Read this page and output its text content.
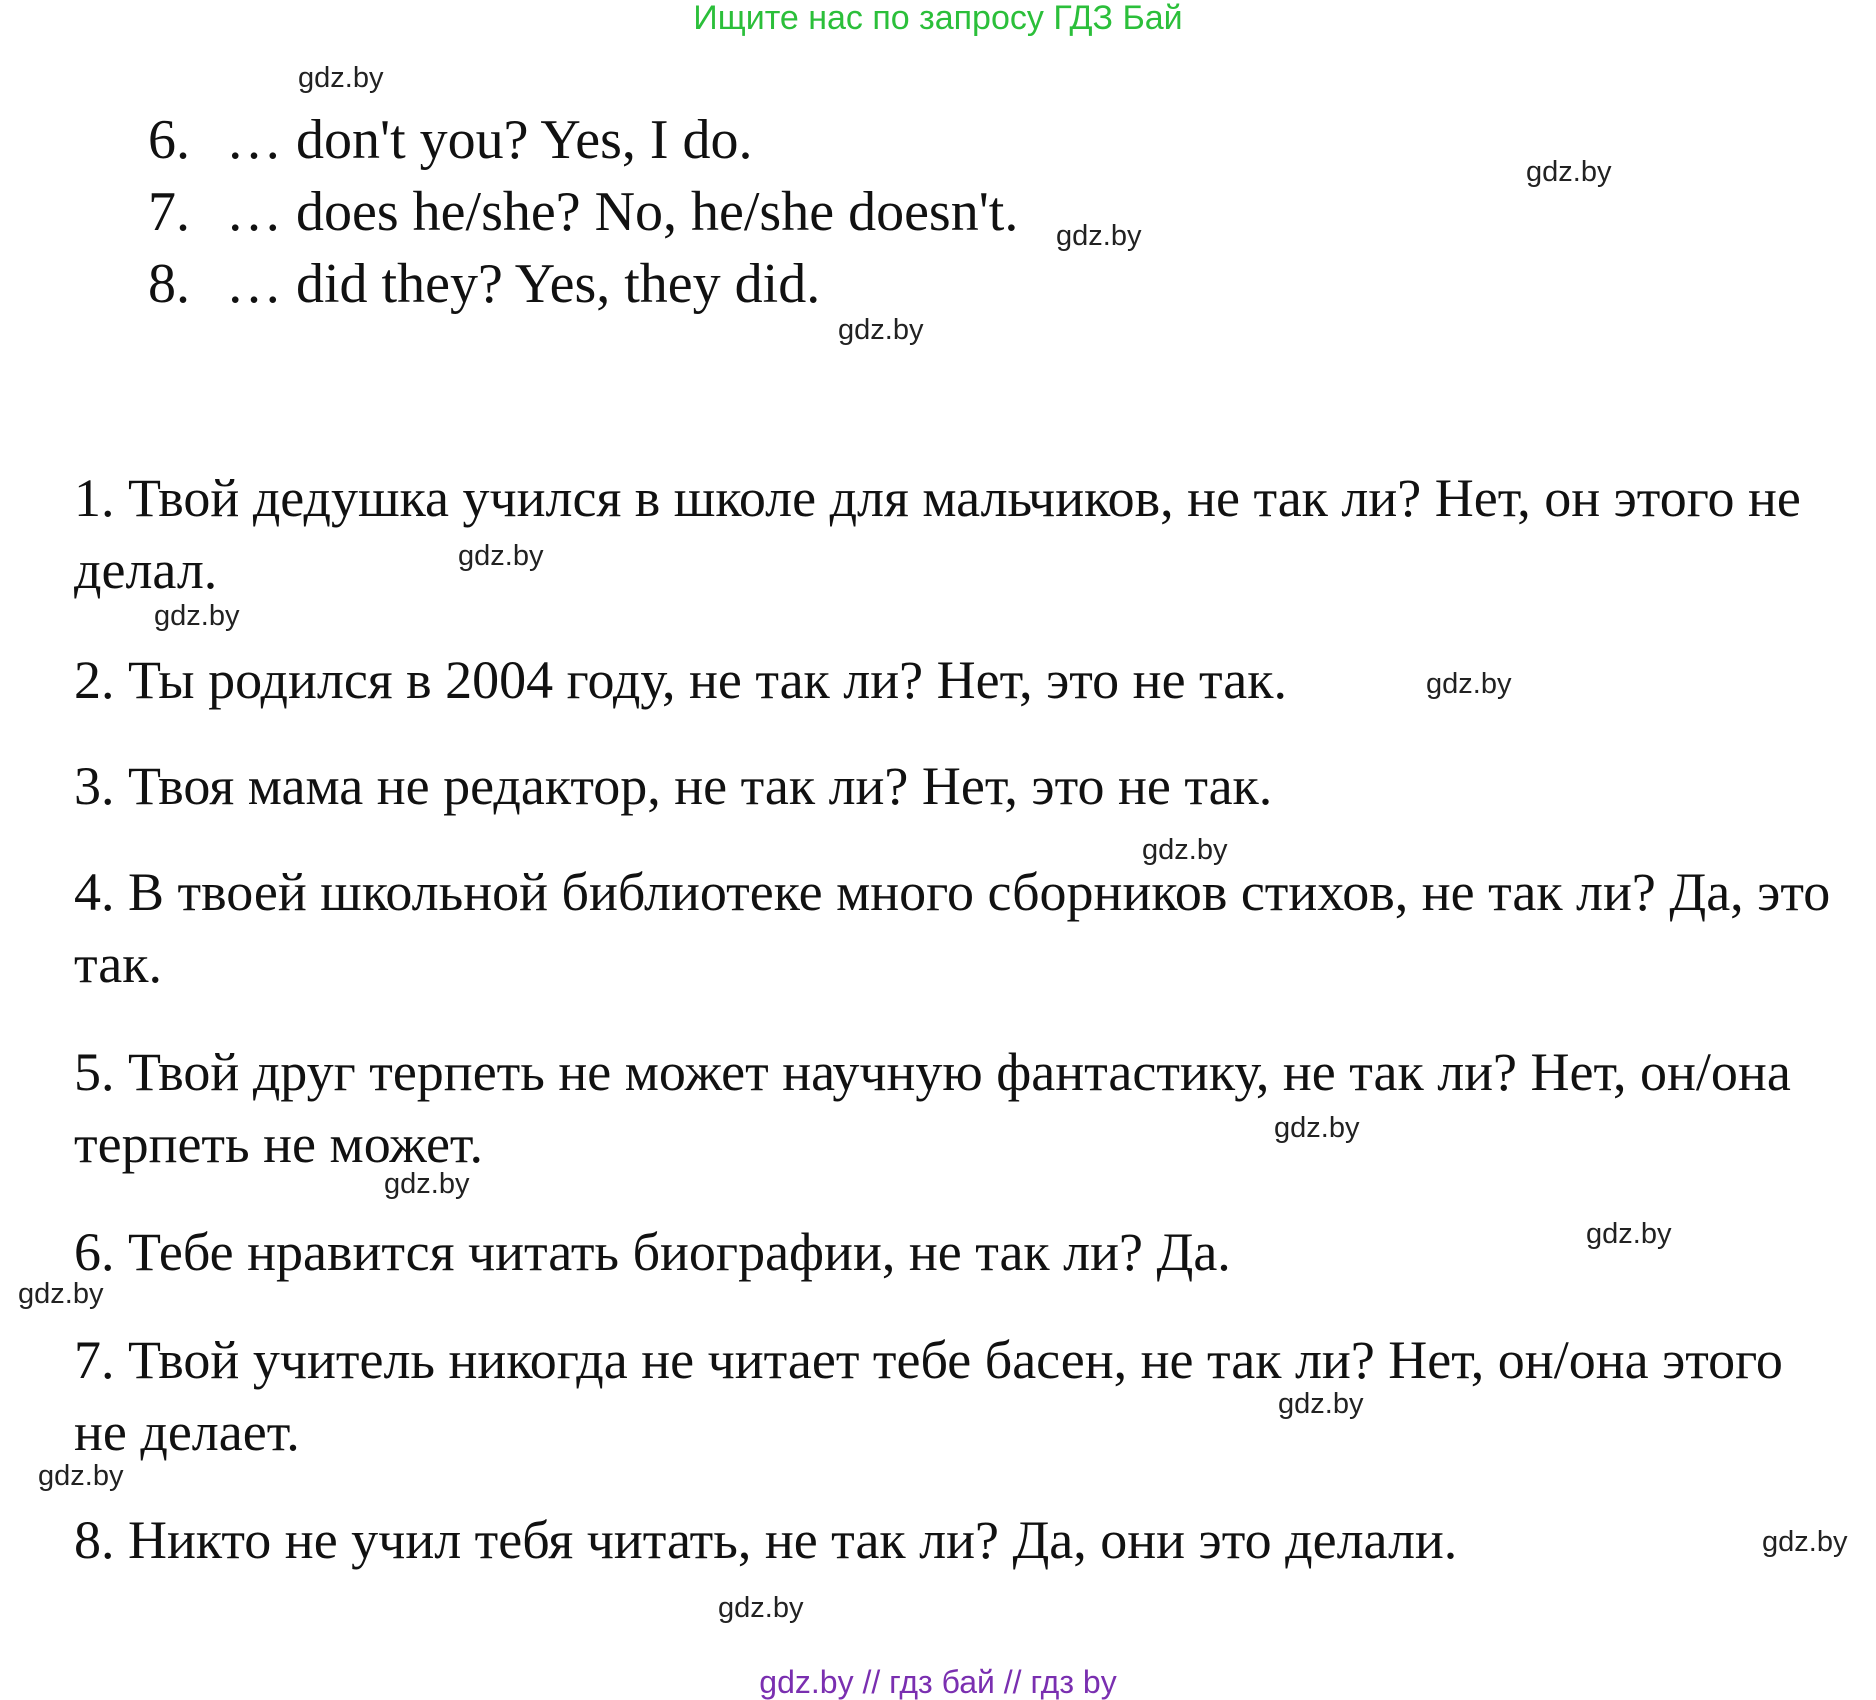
Ищите нас по запросу ГДЗ Бай
6. … don't you? Yes, I do.
7. … does he/she? No, he/she doesn't.
8. … did they? Yes, they did.
1. Твой дедушка учился в школе для мальчиков, не так ли? Нет, он этого не делал.
2. Ты родился в 2004 году, не так ли? Нет, это не так.
3. Твоя мама не редактор, не так ли? Нет, это не так.
4. В твоей школьной библиотеке много сборников стихов, не так ли? Да, это так.
5. Твой друг терпеть не может научную фантастику, не так ли? Нет, он/она терпеть не может.
6. Тебе нравится читать биографии, не так ли? Да.
7. Твой учитель никогда не читает тебе басен, не так ли? Нет, он/она этого не делает.
8. Никто не учил тебя читать, не так ли? Да, они это делали.
gdz.by
gdz.by
gdz.by
gdz.by
gdz.by
gdz.by
gdz.by
gdz.by
gdz.by
gdz.by
gdz.by
gdz.by
gdz.by
gdz.by
gdz.by
gdz.by
gdz.by // гдз бай // гдз by
